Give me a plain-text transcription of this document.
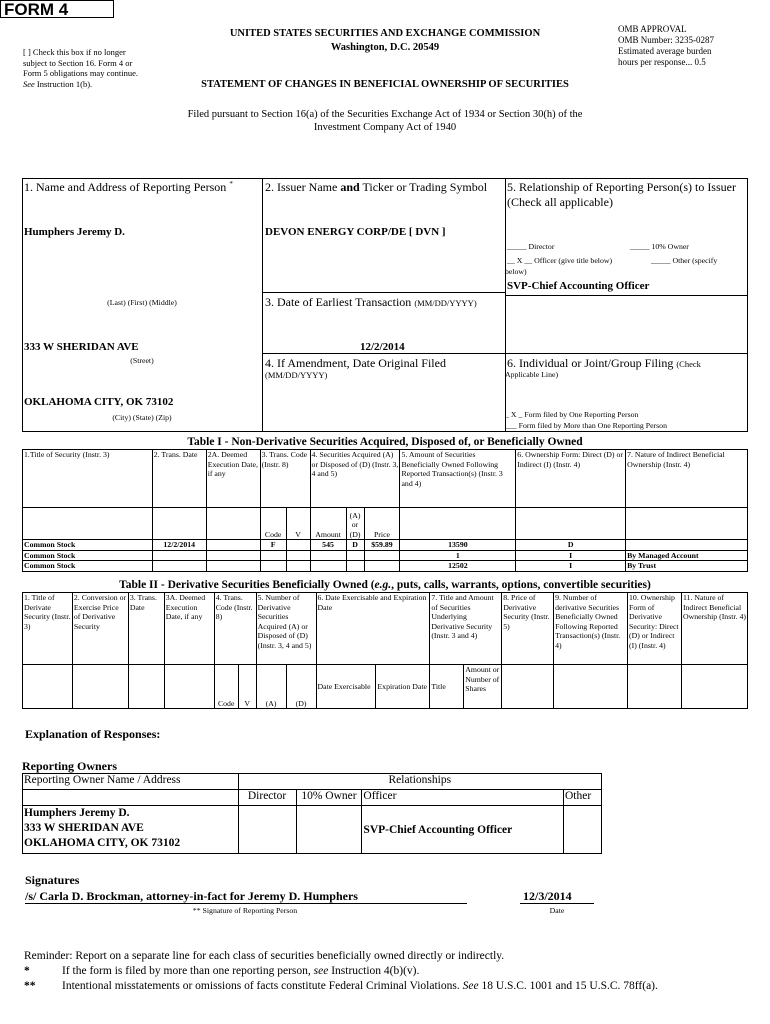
FORM 4
[ ] Check this box if no longer subject to Section 16. Form 4 or Form 5 obligations may continue. See Instruction 1(b).
UNITED STATES SECURITIES AND EXCHANGE COMMISSION
Washington, D.C. 20549
STATEMENT OF CHANGES IN BENEFICIAL OWNERSHIP OF SECURITIES
OMB APPROVAL
OMB Number: 3235-0287
Estimated average burden
hours per response... 0.5
Filed pursuant to Section 16(a) of the Securities Exchange Act of 1934 or Section 30(h) of the
Investment Company Act of 1940
1. Name and Address of Reporting Person *
Humphers Jeremy D.
(Last) (First) (Middle)
333 W SHERIDAN AVE
(Street)
OKLAHOMA CITY, OK 73102
(City) (State) (Zip)
2. Issuer Name and Ticker or Trading Symbol
DEVON ENERGY CORP/DE [ DVN ]
3. Date of Earliest Transaction (MM/DD/YYYY)
12/2/2014
4. If Amendment, Date Original Filed
(MM/DD/YYYY)
5. Relationship of Reporting Person(s) to Issuer
(Check all applicable)
_____ Director	_____ 10% Owner
__ X __ Officer (give title below)	_____ Other (specify
below)
SVP-Chief Accounting Officer
6. Individual or Joint/Group Filing (Check
Applicable Line)
_ X _ Form filed by One Reporting Person
___ Form filed by More than One Reporting Person
Table I - Non-Derivative Securities Acquired, Disposed of, or Beneficially Owned
1.Title of Security (Instr. 3)	2. Trans. Date	2A. Deemed Execution Date, if any	3. Trans. Code (Instr. 8)		4. Securities Acquired (A) or Disposed of (D) (Instr. 3, 4 and 5)			5. Amount of Securities Beneficially Owned Following Reported Transaction(s) (Instr. 3 and 4)	6. Ownership Form: Direct (D) or Indirect (I) (Instr. 4)	7. Nature of Indirect Beneficial Ownership (Instr. 4)
			Code	V	Amount	(A) or (D)	Price			
Common Stock	12/2/2014		F		545	D	$59.89	13590	D	
Common Stock								1	I	By Managed Account
Common Stock								12502	I	By Trust
Table II - Derivative Securities Beneficially Owned (e.g., puts, calls, warrants, options, convertible securities)
1. Title of Derivate Security (Instr. 3)	2. Conversion or Exercise Price of Derivative Security	3. Trans. Date	3A. Deemed Execution Date, if any	4. Trans. Code (Instr. 8)		5. Number of Derivative Securities Acquired (A) or Disposed of (D) (Instr. 3, 4 and 5)		6. Date Exercisable and Expiration Date		7. Title and Amount of Securities Underlying Derivative Security (Instr. 3 and 4)		8. Price of Derivative Security (Instr. 5)	9. Number of derivative Securities Beneficially Owned Following Reported Transaction(s) (Instr. 4)	10. Ownership Form of Derivative Security: Direct (D) or Indirect (I) (Instr. 4)	11. Nature of Indirect Beneficial Ownership (Instr. 4)
				Code	V	(A)	(D)	Date Exercisable	Expiration Date	Title	Amount or Number of Shares				
Explanation of Responses:
Reporting Owners
Reporting Owner Name / Address	Relationships			
	Director	10% Owner	Officer	Other

Humphers Jeremy D.
333 W SHERIDAN AVE
OKLAHOMA CITY, OK 73102			SVP-Chief Accounting Officer	
Signatures
/s/ Carla D. Brockman, attorney-in-fact for Jeremy D. Humphers
** Signature of Reporting Person
12/3/2014
Date
Reminder: Report on a separate line for each class of securities beneficially owned directly or indirectly.
*	If the form is filed by more than one reporting person, see Instruction 4(b)(v).
** Intentional misstatements or omissions of facts constitute Federal Criminal Violations. See 18 U.S.C. 1001 and 15 U.S.C. 78ff(a).
